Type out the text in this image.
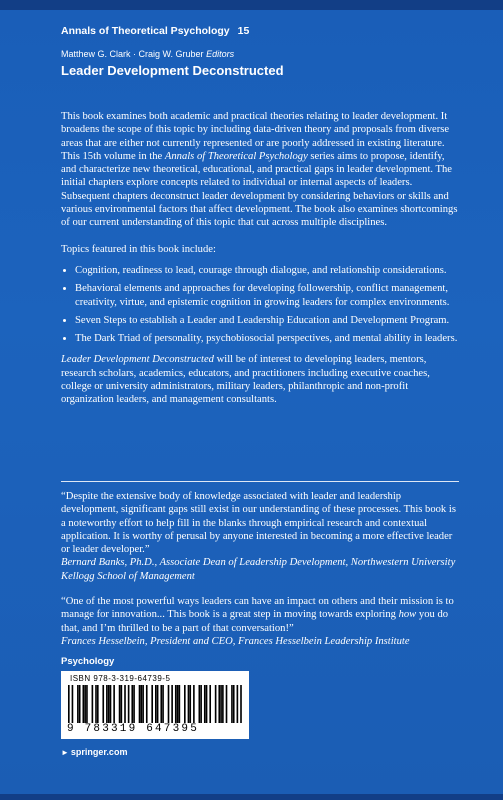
Annals of Theoretical Psychology 15
Matthew G. Clark · Craig W. Gruber Editors
Leader Development Deconstructed

This book examines both academic and practical theories relating to leader development. It broadens the scope of this topic by including data-driven theory and proposals from diverse areas that are either not currently represented or are poorly addressed in existing literature. This 15th volume in the Annals of Theoretical Psychology series aims to propose, identify, and characterize new theoretical, educational, and practical gaps in leader development. The initial chapters explore concepts related to individual or internal aspects of leaders. Subsequent chapters deconstruct leader development by considering behaviors or skills and various environmental factors that affect development. The book also examines shortcomings of our current understanding of this topic that cut across multiple disciplines.

Topics featured in this book include:

• Cognition, readiness to lead, courage through dialogue, and relationship considerations.
• Behavioral elements and approaches for developing followership, conflict management, creativity, virtue, and epistemic cognition in growing leaders for complex environments.
• Seven Steps to establish a Leader and Leadership Education and Development Program.
• The Dark Triad of personality, psychobiosocial perspectives, and mental ability in leaders.

Leader Development Deconstructed will be of interest to developing leaders, mentors, research scholars, academics, educators, and practitioners including executive coaches, college or university administrators, military leaders, philanthropic and non-profit organization leaders, and management consultants.

“Despite the extensive body of knowledge associated with leader and leadership development, significant gaps still exist in our understanding of these processes. This book is a noteworthy effort to help fill in the blanks through empirical research and contextual application. It is worthy of perusal by anyone interested in becoming a more effective leader or leader developer.”

Bernard Banks, Ph.D., Associate Dean of Leadership Development, Northwestern University Kellogg School of Management

“One of the most powerful ways leaders can have an impact on others and their mission is to manage for innovation... This book is a great step in moving towards exploring how you do that, and I’m thrilled to be a part of that conversation!”

Frances Hesselbein, President and CEO, Frances Hesselbein Leadership Institute

Psychology
ISBN 978-3-319-64739-5
9 783319 647395
► springer.com
